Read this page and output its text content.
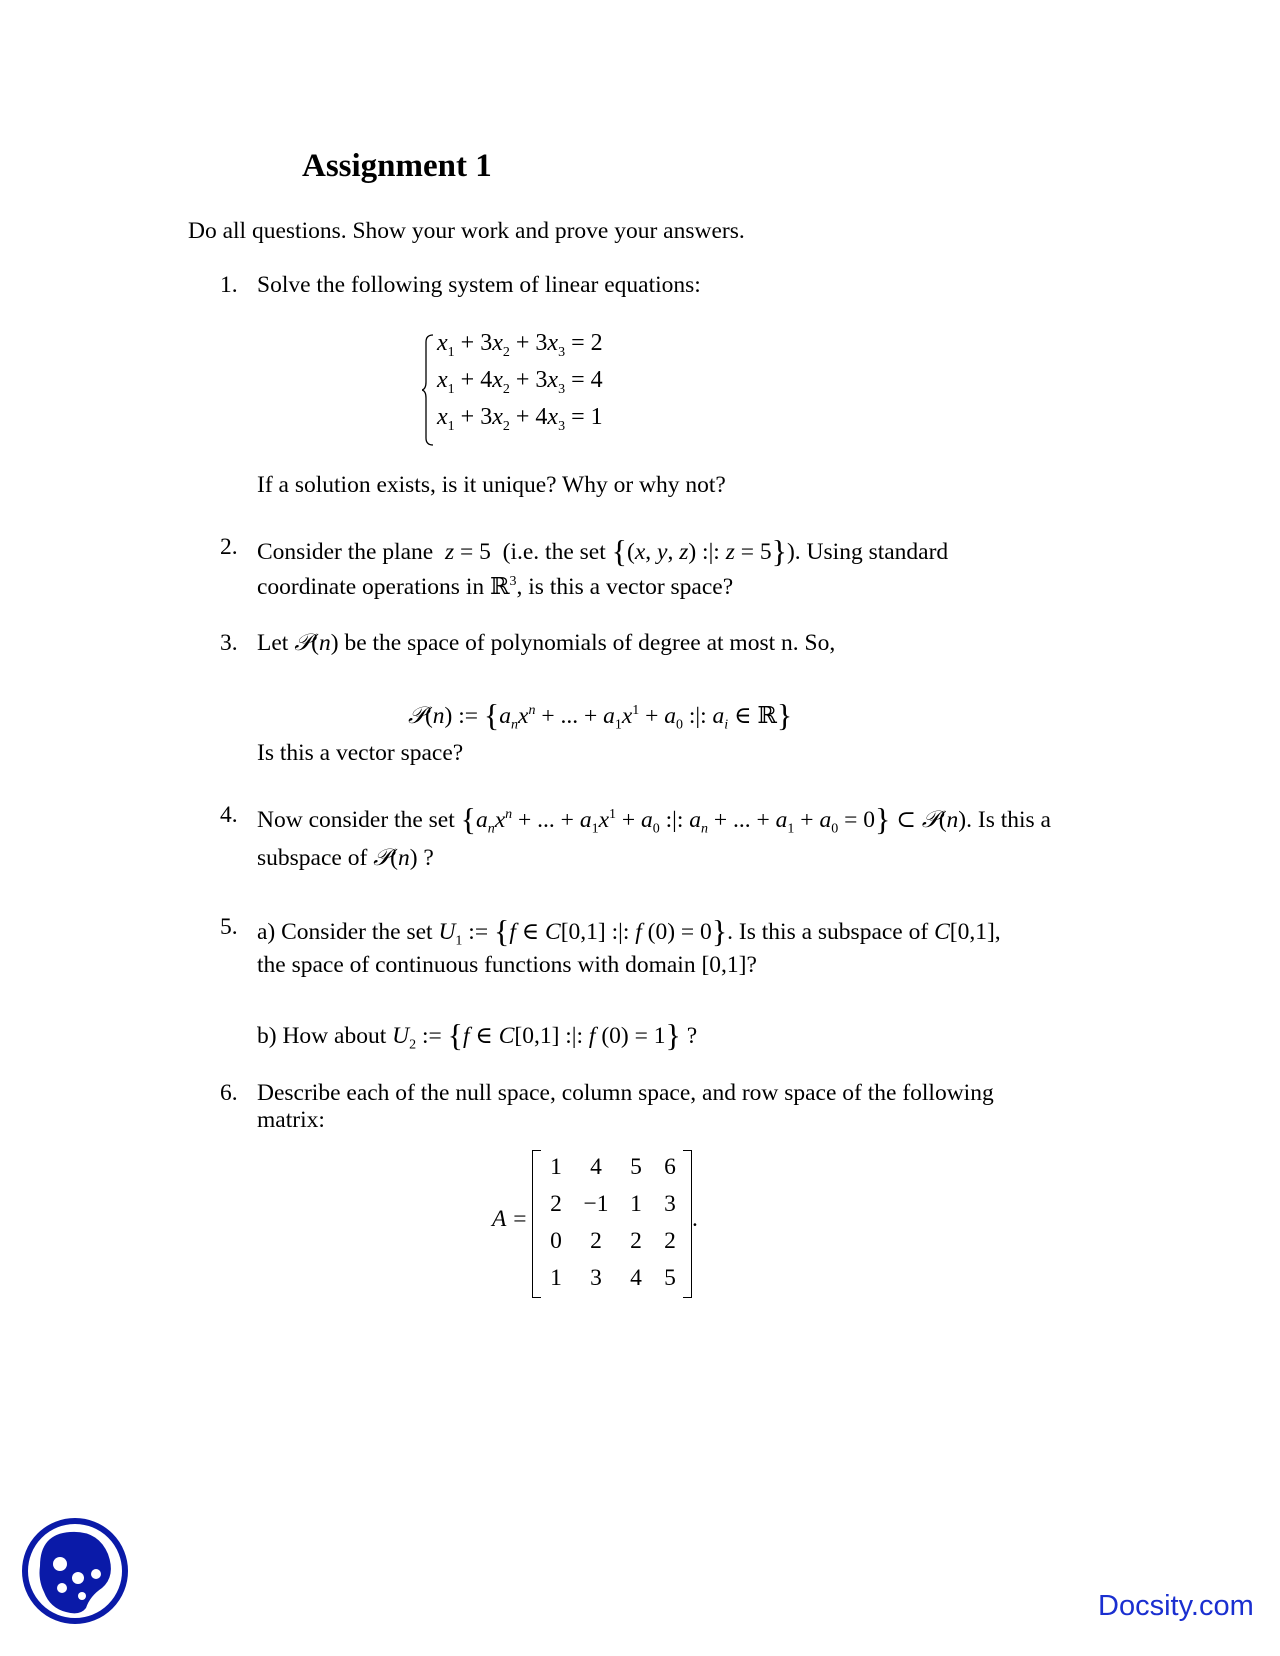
Assignment 1
Do all questions. Show your work and prove your answers.
1. Solve the following system of linear equations:
$x_1 + 3x_2 + 3x_3 = 2$
$x_1 + 4x_2 + 3x_3 = 4$
$x_1 + 3x_2 + 4x_3 = 1$
If a solution exists, is it unique? Why or why not?
2. Consider the plane  z = 5  (i.e. the set {(x, y, z) :|: z = 5}). Using standard
coordinate operations in ℝ$^3$, is this a vector space?
3. Let 𝒫(n) be the space of polynomials of degree at most n. So,
𝒫(n) := {$a_nx^n$ + ... + $a_1x^1 + a_0$ :|: $a_i$ ∈ ℝ}
Is this a vector space?
4. Now consider the set {$a_nx^n$ + ... + $a_1x^1 + a_0$ :|: $a_n$ + ... + $a_1 + a_0 = 0$} ⊂ 𝒫(n). Is this a
subspace of 𝒫(n) ?
5. a) Consider the set $U_1$ := {f ∈ C[0,1] :|: f (0) = 0}. Is this a subspace of C[0,1],
the space of continuous functions with domain [0,1]?
b) How about $U_2$ := {f ∈ C[0,1] :|: f (0) = 1} ?
6. Describe each of the null space, column space, and row space of the following
matrix:
A =
1	4	5 6
2 −1 1 3
0	2	2 2
1	3	4 5
.
Docsity.com
